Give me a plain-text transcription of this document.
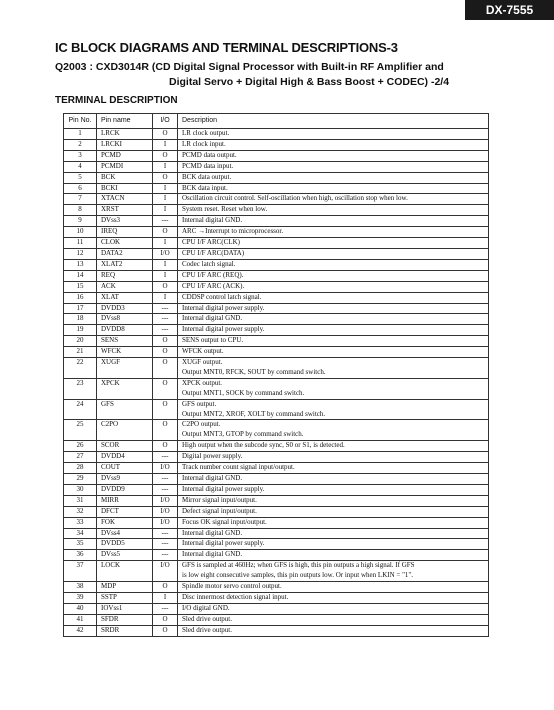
DX-7555
IC BLOCK DIAGRAMS AND TERMINAL DESCRIPTIONS-3
Q2003 : CXD3014R (CD Digital Signal Processor with Built-in RF Amplifier and
Digital Servo + Digital High & Bass Boost + CODEC) -2/4
TERMINAL DESCRIPTION
Pin No.	Pin name	I/O	Description
1	LRCK	O	LR clock output.

2	LRCKI	I	LR clock input.

3	PCMD	O	PCMD data output.

4	PCMDI	I	PCMD data input.

5	BCK	O	BCK data output.

6	BCKI	I	BCK data input.

7	XTACN	I	Oscillation circuit control. Self-oscillation when high, oscillation stop when low.

8	XRST	I	System reset. Reset when low.

9	DVss3	---	Internal digital GND.

10	IREQ	O	ARC →Interrupt to microprocessor.

11	CLOK	I	CPU I/F ARC(CLK)

12	DATA2	I/O	CPU I/F ARC(DATA)

13	XLAT2	I	Codec latch signal.

14	REQ	I	CPU I/F ARC (REQ).

15	ACK	O	CPU I/F ARC (ACK).

16	XLAT	I	CDDSP control latch signal.

17	DVDD3	---	Internal digital power supply.

18	DVss8	---	Internal digital GND.

19	DVDD8	---	Internal digital power supply.

20	SENS	O	SENS output to CPU.

21	WFCK	O	WFCK output.

22	XUGF	O	XUGF output.
Output MNT0, RFCK, SOUT by command switch.

23	XPCK	O	XPCK output.
Output MNT1, SOCK by command switch.

24	GFS	O	GFS output.
Output MNT2, XROF, XOLT by command switch.

25	C2PO	O	C2PO output.
Output MNT3, GTOP by command switch.

26	SCOR	O	High output when the subcode sync, S0 or S1, is detected.

27	DVDD4	---	Digital power supply.

28	COUT	I/O	Track number count signal input/output.

29	DVss9	---	Internal digital GND.

30	DVDD9	---	Internal digital power supply.

31	MIRR	I/O	Mirror signal input/output.

32	DFCT	I/O	Defect signal input/output.

33	FOK	I/O	Focus OK signal input/output.

34	DVss4	---	Internal digital GND.

35	DVDD5	---	Internal digital power supply.

36	DVss5	---	Internal digital GND.

37	LOCK	I/O	GFS is sampled at 460Hz; when GFS is high, this pin outputs a high signal. If GFS
is low eight consecutive samples, this pin outputs low. Or input when LKIN = "1".

38	MDP	O	Spindle motor servo control output.

39	SSTP	I	Disc innermost detection signal input.

40	IOVss1	---	I/O digital GND.

41	SFDR	O	Sled drive output.

42	SRDR	O	Sled drive output.
